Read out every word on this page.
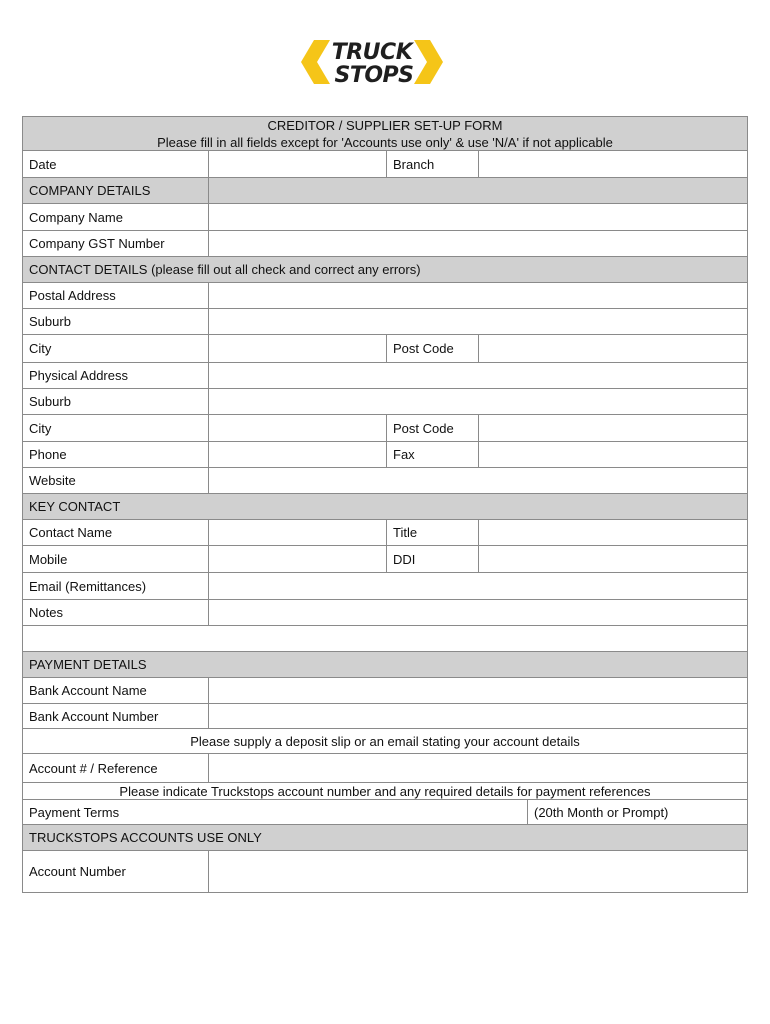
TRUCK
STOPS
CREDITOR / SUPPLIER SET-UP FORM
Please fill in all fields except for 'Accounts use only' & use 'N/A' if not applicable
Date	Branch
COMPANY DETAILS
Company Name
Company GST Number
CONTACT DETAILS (please fill out all check and correct any errors)
Postal Address
Suburb
City	Post Code
Physical Address
Suburb
City	Post Code
Phone	Fax
Website
KEY CONTACT
Contact Name	Title
Mobile	DDI
Email (Remittances)
Notes
PAYMENT DETAILS
Bank Account Name
Bank Account Number
Please supply a deposit slip or an email stating your account details
Account # / Reference
Please indicate Truckstops account number and any required details for payment references
Payment Terms	(20th Month or Prompt)
TRUCKSTOPS ACCOUNTS USE ONLY
Account Number
